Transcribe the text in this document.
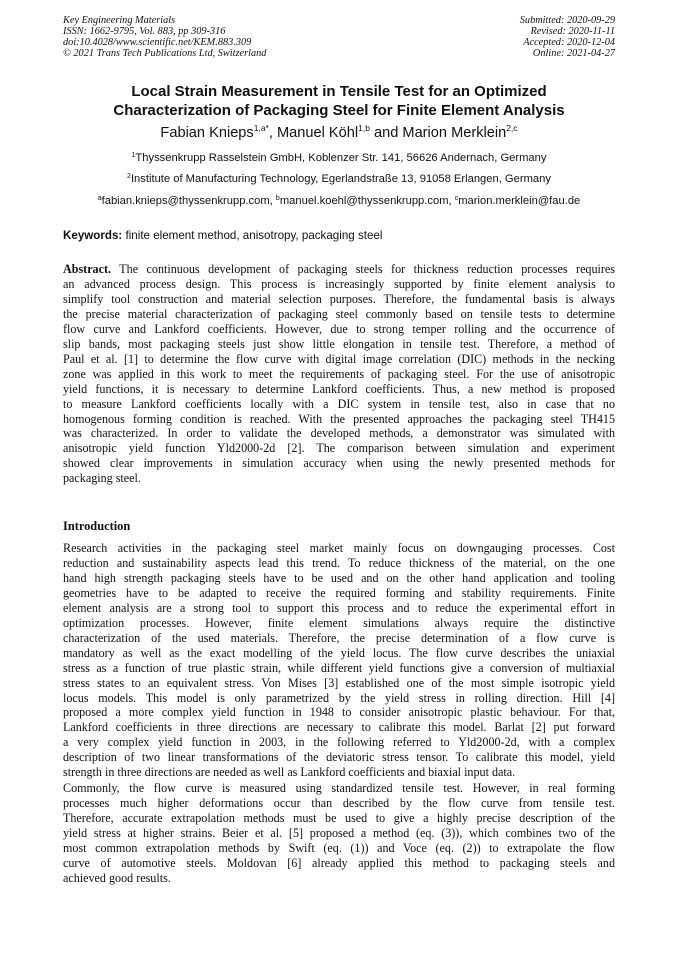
Key Engineering Materials
ISSN: 1662-9795, Vol. 883, pp 309-316
doi:10.4028/www.scientific.net/KEM.883.309
© 2021 Trans Tech Publications Ltd, Switzerland
Submitted: 2020-09-29
Revised: 2020-11-11
Accepted: 2020-12-04
Online: 2021-04-27
Local Strain Measurement in Tensile Test for an Optimized
Characterization of Packaging Steel for Finite Element Analysis
Fabian Knieps$^{1,a*}$, Manuel Köhl$^{1,b}$ and Marion Merklein$^{2,c}$
$^1$Thyssenkrupp Rasselstein GmbH, Koblenzer Str. 141, 56626 Andernach, Germany
$^2$Institute of Manufacturing Technology, Egerlandstraße 13, 91058 Erlangen, Germany
$^a$fabian.knieps@thyssenkrupp.com, $^b$manuel.koehl@thyssenkrupp.com, $^c$marion.merklein@fau.de
Keywords: finite element method, anisotropy, packaging steel
Abstract. The continuous development of packaging steels for thickness reduction processes requires
an advanced process design. This process is increasingly supported by finite element analysis to
simplify tool construction and material selection purposes. Therefore, the fundamental basis is always
the precise material characterization of packaging steel commonly based on tensile tests to determine
flow curve and Lankford coefficients. However, due to strong temper rolling and the occurrence of
slip bands, most packaging steels just show little elongation in tensile test. Therefore, a method of
Paul et al. [1] to determine the flow curve with digital image correlation (DIC) methods in the necking
zone was applied in this work to meet the requirements of packaging steel. For the use of anisotropic
yield functions, it is necessary to determine Lankford coefficients. Thus, a new method is proposed
to measure Lankford coefficients locally with a DIC system in tensile test, also in case that no
homogenous forming condition is reached. With the presented approaches the packaging steel TH415
was characterized. In order to validate the developed methods, a demonstrator was simulated with
anisotropic yield function Yld2000-2d [2]. The comparison between simulation and experiment
showed clear improvements in simulation accuracy when using the newly presented methods for
packaging steel.
Introduction
Research activities in the packaging steel market mainly focus on downgauging processes. Cost
reduction and sustainability aspects lead this trend. To reduce thickness of the material, on the one
hand high strength packaging steels have to be used and on the other hand application and tooling
geometries have to be adapted to receive the required forming and stability requirements. Finite
element analysis are a strong tool to support this process and to reduce the experimental effort in
optimization processes. However, finite element simulations always require the distinctive
characterization of the used materials. Therefore, the precise determination of a flow curve is
mandatory as well as the exact modelling of the yield locus. The flow curve describes the uniaxial
stress as a function of true plastic strain, while different yield functions give a conversion of multiaxial
stress states to an equivalent stress. Von Mises [3] established one of the most simple isotropic yield
locus models. This model is only parametrized by the yield stress in rolling direction. Hill [4]
proposed a more complex yield function in 1948 to consider anisotropic plastic behaviour. For that,
Lankford coefficients in three directions are necessary to calibrate this model. Barlat [2] put forward
a very complex yield function in 2003, in the following referred to Yld2000-2d, with a complex
description of two linear transformations of the deviatoric stress tensor. To calibrate this model, yield
strength in three directions are needed as well as Lankford coefficients and biaxial input data.
Commonly, the flow curve is measured using standardized tensile test. However, in real forming
processes much higher deformations occur than described by the flow curve from tensile test.
Therefore, accurate extrapolation methods must be used to give a highly precise description of the
yield stress at higher strains. Beier et al. [5] proposed a method (eq. (3)), which combines two of the
most common extrapolation methods by Swift (eq. (1)) and Voce (eq. (2)) to extrapolate the flow
curve of automotive steels. Moldovan [6] already applied this method to packaging steels and
achieved good results.
